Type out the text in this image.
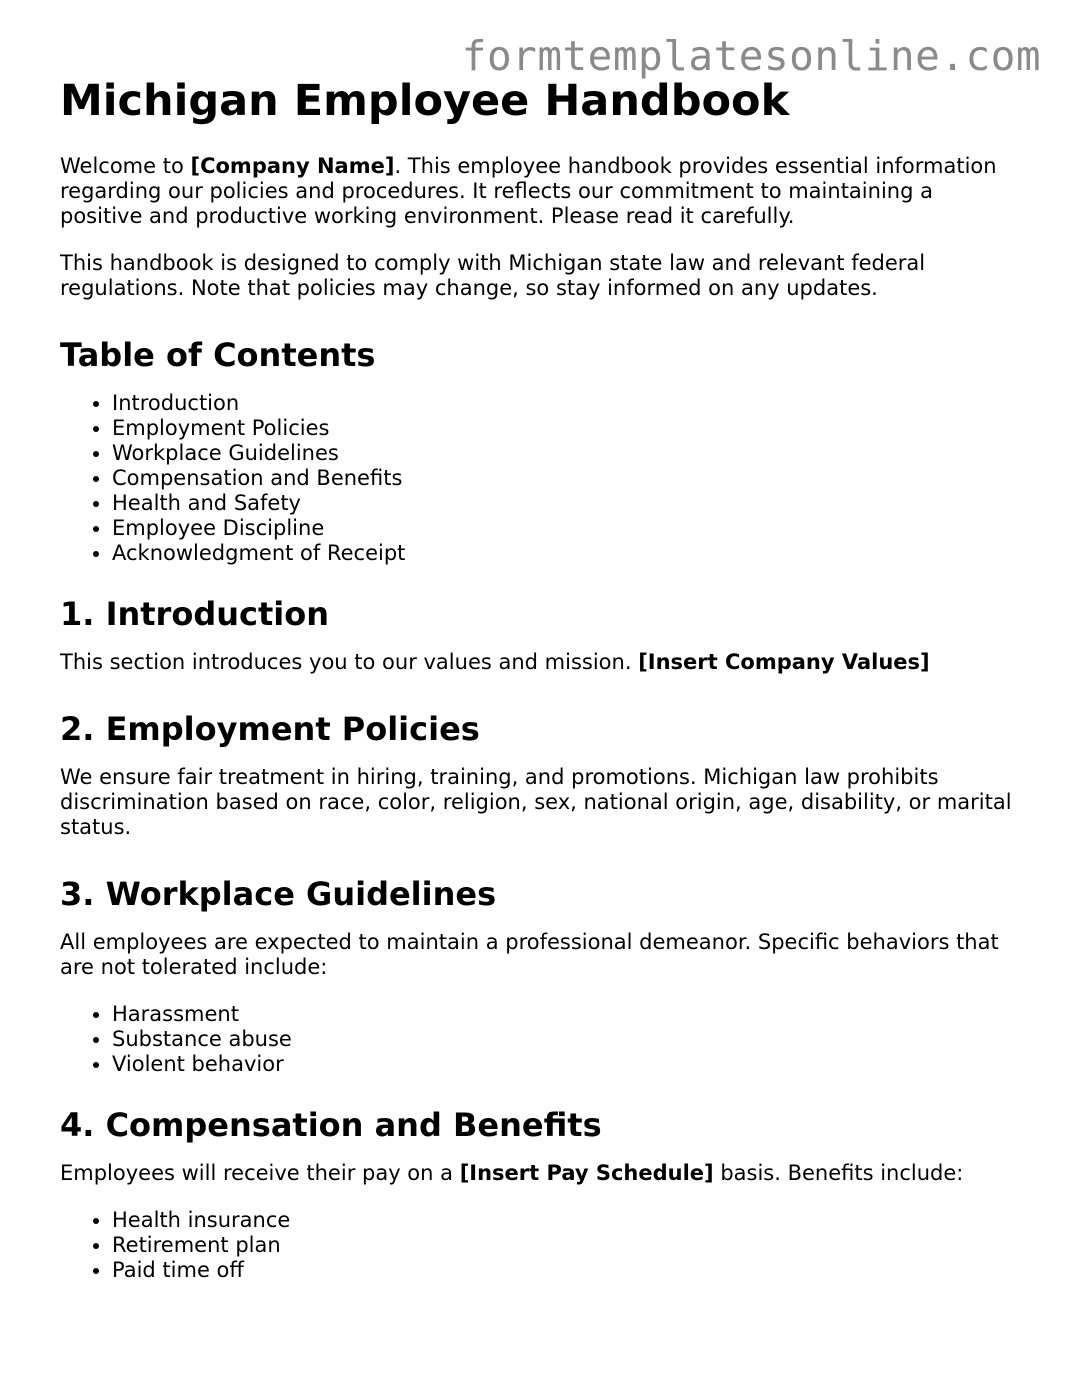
formtemplatesonline.com
Michigan Employee Handbook

Welcome to [Company Name]. This employee handbook provides essential information regarding our policies and procedures. It reflects our commitment to maintaining a positive and productive working environment. Please read it carefully.

This handbook is designed to comply with Michigan state law and relevant federal regulations. Note that policies may change, so stay informed on any updates.

Table of Contents
• Introduction
• Employment Policies
• Workplace Guidelines
• Compensation and Benefits
• Health and Safety
• Employee Discipline
• Acknowledgment of Receipt
1. Introduction

This section introduces you to our values and mission. [Insert Company Values]

2. Employment Policies

We ensure fair treatment in hiring, training, and promotions. Michigan law prohibits discrimination based on race, color, religion, sex, national origin, age, disability, or marital status.

3. Workplace Guidelines

All employees are expected to maintain a professional demeanor. Specific behaviors that are not tolerated include:

• Harassment
• Substance abuse
• Violent behavior
4. Compensation and Benefits

Employees will receive their pay on a [Insert Pay Schedule] basis. Benefits include:

• Health insurance
• Retirement plan
• Paid time off
